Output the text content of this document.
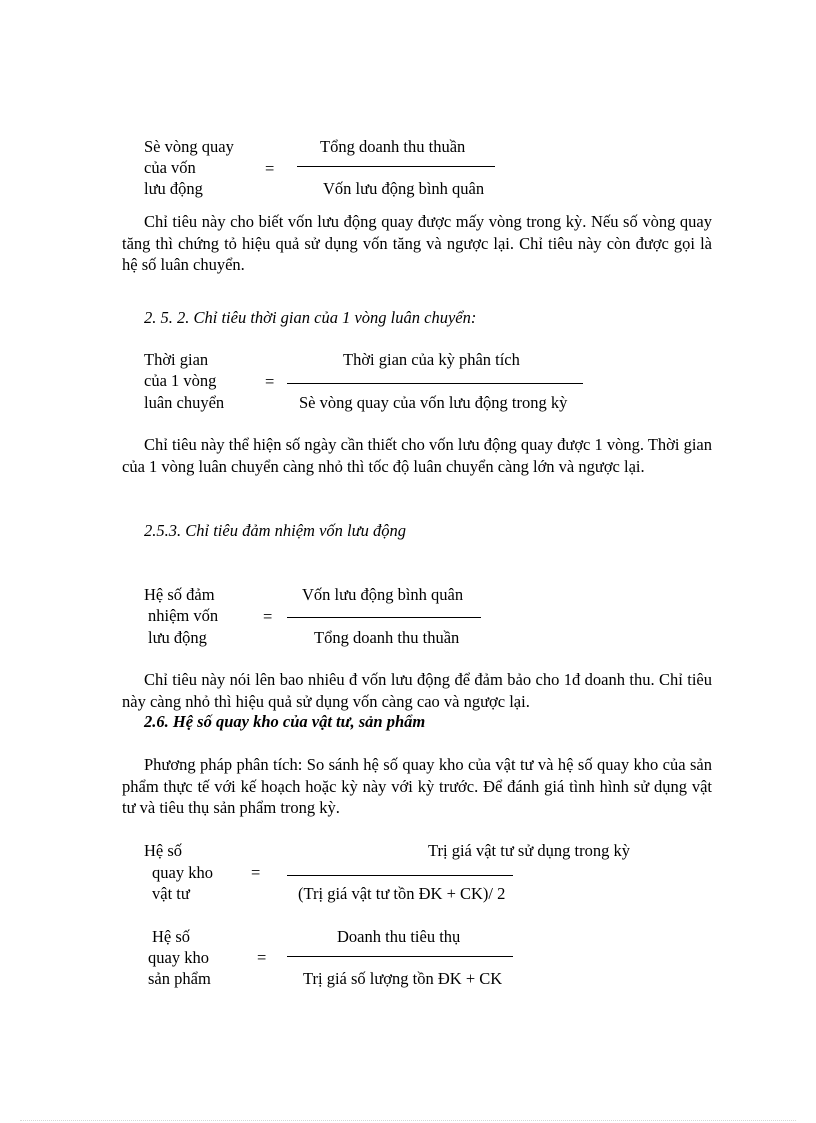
Sè vòng quay
của vốn
lưu động
=
Tổng doanh thu thuần
Vốn lưu động bình quân

Chỉ tiêu này cho biết vốn lưu động quay được mấy vòng trong kỳ. Nếu số vòng quay tăng thì chứng tỏ hiệu quả sử dụng vốn tăng và ngược lại. Chỉ tiêu này còn được gọi là hệ số luân chuyển.

2. 5. 2. Chỉ tiêu thời gian của 1 vòng luân chuyển:
Thời gian
của 1 vòng
luân chuyển
=
Thời gian của kỳ phân tích
Sè vòng quay của vốn lưu động trong kỳ

Chỉ tiêu này thể hiện số ngày cần thiết cho vốn lưu động quay được 1 vòng. Thời gian của 1 vòng luân chuyển càng nhỏ thì tốc độ luân chuyển càng lớn và ngược lại.

2.5.3. Chỉ tiêu đảm nhiệm vốn lưu động
Hệ số đảm
nhiệm vốn
lưu động
=
Vốn lưu động bình quân
Tổng doanh thu thuần

Chỉ tiêu này nói lên bao nhiêu đ vốn lưu động để đảm bảo cho 1đ doanh thu. Chỉ tiêu này càng nhỏ thì hiệu quả sử dụng vốn càng cao và ngược lại.

2.6. Hệ số quay kho của vật tư, sản phẩm

Phương pháp phân tích: So sánh hệ số quay kho của vật tư và hệ số quay kho của sản phẩm thực tế với kế hoạch hoặc kỳ này với kỳ trước. Để đánh giá tình hình sử dụng vật tư và tiêu thụ sản phẩm trong kỳ.

Hệ số
quay kho
vật tư
=
Trị giá vật tư sử dụng trong kỳ
(Trị giá vật tư tồn ĐK + CK)/ 2
Hệ số
quay kho
sản phẩm
=
Doanh thu tiêu thụ
Trị giá số lượng tồn ĐK + CK
